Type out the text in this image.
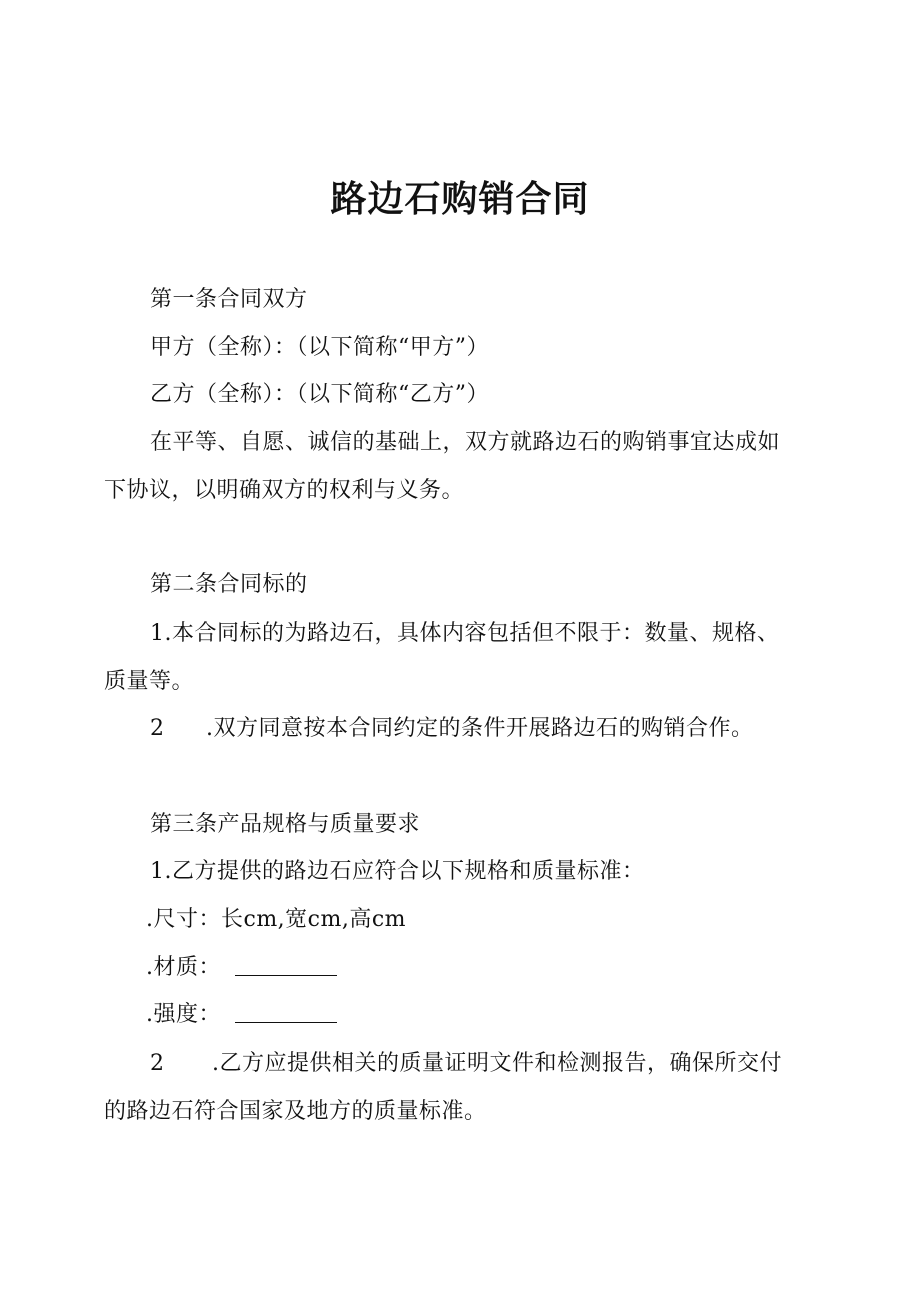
路边石购销合同
第一条合同双方
甲方（全称）：（以下简称“甲方”）
乙方（全称）：（以下简称“乙方”）
在平等、自愿、诚信的基础上，双方就路边石的购销事宜达成如
下协议，以明确双方的权利与义务。
第二条合同标的
1.本合同标的为路边石，具体内容包括但不限于：数量、规格、
质量等。
2 .双方同意按本合同约定的条件开展路边石的购销合作。
第三条产品规格与质量要求
1.乙方提供的路边石应符合以下规格和质量标准：
.尺寸：长cm,宽cm,高cm
.材质：
.强度：
2 .乙方应提供相关的质量证明文件和检测报告，确保所交付
的路边石符合国家及地方的质量标准。
